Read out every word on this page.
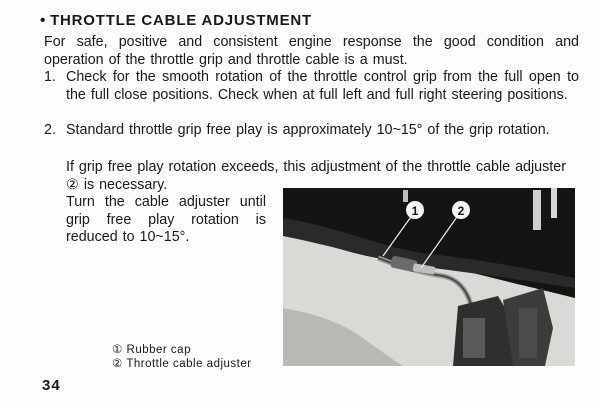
• THROTTLE CABLE ADJUSTMENT
For safe, positive and consistent engine response the good condition and operation of the throttle grip and throttle cable is a must.
1. Check for the smooth rotation of the throttle control grip from the full open to the full close positions. Check when at full left and full right steering positions.
2. Standard throttle grip free play is approximately 10~15° of the grip rotation.
If grip free play rotation exceeds, this adjustment of the throttle cable adjuster ② is necessary.
Turn the cable adjuster until grip free play rotation is reduced to 10~15°.
1	2
① Rubber cap
② Throttle cable adjuster
34
